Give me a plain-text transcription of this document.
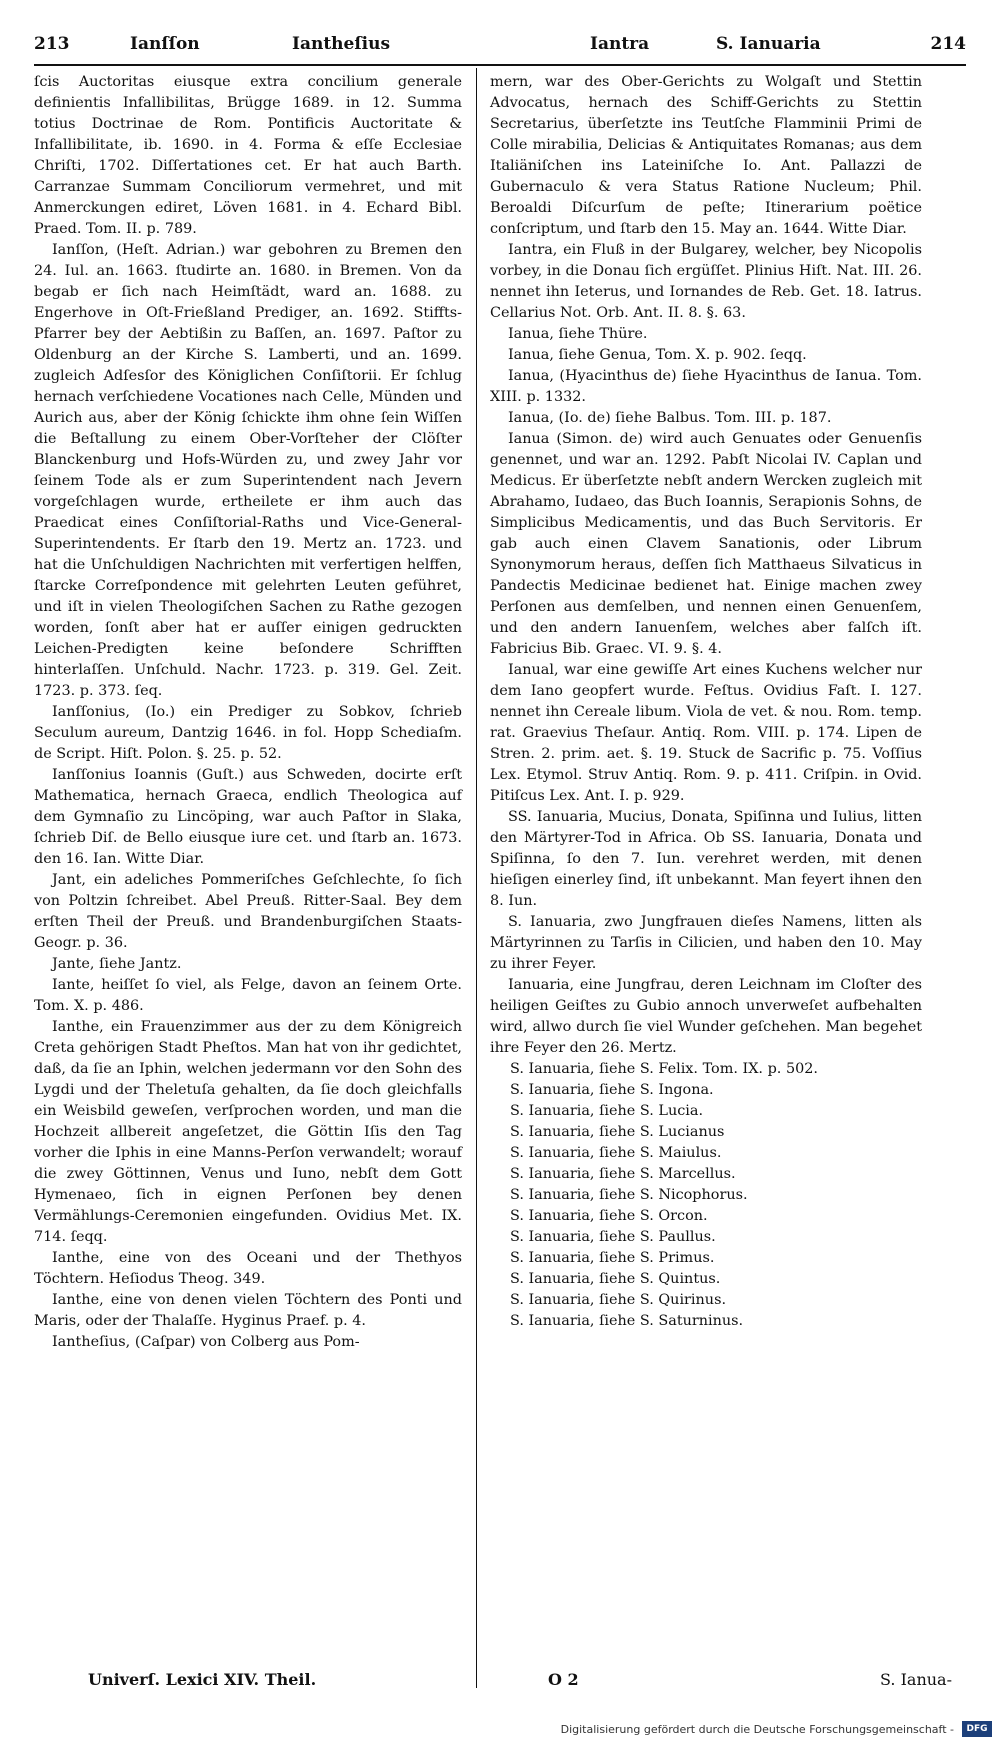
213	Ianſſon	Iantheſius	Iantra	S. Ianuaria	214

ſcis Auctoritas eiusque extra concilium generale definientis Infallibilitas, Brügge 1689. in 12. Summa totius Doctrinae de Rom. Pontificis Auctoritate & Infallibilitate, ib. 1690. in 4. Forma & eſſe Ecclesiae Chriſti, 1702. Diſſertationes cet. Er hat auch Barth. Carranzae Summam Conciliorum vermehret, und mit Anmerckungen ediret, Löven 1681. in 4. Echard Bibl. Praed. Tom. II. p. 789.

Ianſſon, (Heſt. Adrian.) war gebohren zu Bremen den 24. Iul. an. 1663. ſtudirte an. 1680. in Bremen. Von da begab er ſich nach Heimſtädt, ward an. 1688. zu Engerhove in Oſt-Frießland Prediger, an. 1692. Stiffts-Pfarrer bey der Aebtißin zu Baſſen, an. 1697. Paſtor zu Oldenburg an der Kirche S. Lamberti, und an. 1699. zugleich Adſesſor des Königlichen Conſiſtorii. Er ſchlug hernach verſchiedene Vocationes nach Celle, Münden und Aurich aus, aber der König ſchickte ihm ohne ſein Wiſſen die Beſtallung zu einem Ober-Vorſteher der Clöſter Blanckenburg und Hofs-Würden zu, und zwey Jahr vor ſeinem Tode als er zum Superintendent nach Jevern vorgeſchlagen wurde, ertheilete er ihm auch das Praedicat eines Conſiſtorial-Raths und Vice-General-Superintendents. Er ſtarb den 19. Mertz an. 1723. und hat die Unſchuldigen Nachrichten mit verfertigen helffen, ſtarcke Correſpondence mit gelehrten Leuten geführet, und iſt in vielen Theologiſchen Sachen zu Rathe gezogen worden, ſonſt aber hat er auſſer einigen gedruckten Leichen-Predigten keine beſondere Schrifften hinterlaſſen. Unſchuld. Nachr. 1723. p. 319. Gel. Zeit. 1723. p. 373. ſeq.

Ianſſonius, (Io.) ein Prediger zu Sobkov, ſchrieb Seculum aureum, Dantzig 1646. in fol. Hopp Schediaſm. de Script. Hiſt. Polon. §. 25. p. 52.

Ianſſonius Ioannis (Guſt.) aus Schweden, docirte erſt Mathematica, hernach Graeca, endlich Theologica auf dem Gymnaſio zu Lincöping, war auch Paſtor in Slaka, ſchrieb Diſ. de Bello eiusque iure cet. und ſtarb an. 1673. den 16. Ian. Witte Diar.

Jant, ein adeliches Pommeriſches Geſchlechte, ſo ſich von Poltzin ſchreibet. Abel Preuß. Ritter-Saal. Bey dem erſten Theil der Preuß. und Brandenburgiſchen Staats-Geogr. p. 36.

Jante, ſiehe Jantz.

Iante, heiſſet ſo viel, als Felge, davon an ſeinem Orte. Tom. X. p. 486.

Ianthe, ein Frauenzimmer aus der zu dem Königreich Creta gehörigen Stadt Pheſtos. Man hat von ihr gedichtet, daß, da ſie an Iphin, welchen jedermann vor den Sohn des Lygdi und der Theletuſa gehalten, da ſie doch gleichfalls ein Weisbild geweſen, verſprochen worden, und man die Hochzeit allbereit angeſetzet, die Göttin Iſis den Tag vorher die Iphis in eine Manns-Perſon verwandelt; worauf die zwey Göttinnen, Venus und Iuno, nebſt dem Gott Hymenaeo, ſich in eignen Perſonen bey denen Vermählungs-Ceremonien eingefunden. Ovidius Met. IX. 714. ſeqq.

Ianthe, eine von des Oceani und der Thethyos Töchtern. Heſiodus Theog. 349.

Ianthe, eine von denen vielen Töchtern des Ponti und Maris, oder der Thalaſſe. Hyginus Praef. p. 4.

Iantheſius, (Caſpar) von Colberg aus Pom-

mern, war des Ober-Gerichts zu Wolgaſt und Stettin Advocatus, hernach des Schiff-Gerichts zu Stettin Secretarius, überſetzte ins Teutſche Flamminii Primi de Colle mirabilia, Delicias & Antiquitates Romanas; aus dem Italiäniſchen ins Lateiniſche Io. Ant. Pallazzi de Gubernaculo & vera Status Ratione Nucleum; Phil. Beroaldi Diſcurſum de peſte; Itinerarium poëtice conſcriptum, und ſtarb den 15. May an. 1644. Witte Diar.

Iantra, ein Fluß in der Bulgarey, welcher, bey Nicopolis vorbey, in die Donau ſich ergüſſet. Plinius Hiſt. Nat. III. 26. nennet ihn Ieterus, und Iornandes de Reb. Get. 18. Iatrus. Cellarius Not. Orb. Ant. II. 8. §. 63.

Ianua, ſiehe Thüre.

Ianua, ſiehe Genua, Tom. X. p. 902. ſeqq.

Ianua, (Hyacinthus de) ſiehe Hyacinthus de Ianua. Tom. XIII. p. 1332.

Ianua, (Io. de) ſiehe Balbus. Tom. III. p. 187.

Ianua (Simon. de) wird auch Genuates oder Genuenſis genennet, und war an. 1292. Pabſt Nicolai IV. Caplan und Medicus. Er überſetzte nebſt andern Wercken zugleich mit Abrahamo, Iudaeo, das Buch Ioannis, Serapionis Sohns, de Simplicibus Medicamentis, und das Buch Servitoris. Er gab auch einen Clavem Sanationis, oder Librum Synonymorum heraus, deſſen ſich Matthaeus Silvaticus in Pandectis Medicinae bedienet hat. Einige machen zwey Perſonen aus demſelben, und nennen einen Genuenſem, und den andern Ianuenſem, welches aber falſch iſt. Fabricius Bib. Graec. VI. 9. §. 4.

Ianual, war eine gewiſſe Art eines Kuchens welcher nur dem Iano geopfert wurde. Feſtus. Ovidius Faſt. I. 127. nennet ihn Cereale libum. Viola de vet. & nou. Rom. temp. rat. Graevius Theſaur. Antiq. Rom. VIII. p. 174. Lipen de Stren. 2. prim. aet. §. 19. Stuck de Sacrific p. 75. Voſſius Lex. Etymol. Struv Antiq. Rom. 9. p. 411. Criſpin. in Ovid. Pitiſcus Lex. Ant. I. p. 929.

SS. Ianuaria, Mucius, Donata, Spiſinna und Iulius, litten den Märtyrer-Tod in Africa. Ob SS. Ianuaria, Donata und Spiſinna, ſo den 7. Iun. verehret werden, mit denen hieſigen einerley ſind, iſt unbekannt. Man feyert ihnen den 8. Iun.

S. Ianuaria, zwo Jungfrauen dieſes Namens, litten als Märtyrinnen zu Tarſis in Cilicien, und haben den 10. May zu ihrer Feyer.

Ianuaria, eine Jungfrau, deren Leichnam im Cloſter des heiligen Geiſtes zu Gubio annoch unverweſet aufbehalten wird, allwo durch ſie viel Wunder geſchehen. Man begehet ihre Feyer den 26. Mertz.

S. Ianuaria, ſiehe S. Felix. Tom. IX. p. 502.

S. Ianuaria, ſiehe S. Ingona.

S. Ianuaria, ſiehe S. Lucia.

S. Ianuaria, ſiehe S. Lucianus

S. Ianuaria, ſiehe S. Maiulus.

S. Ianuaria, ſiehe S. Marcellus.

S. Ianuaria, ſiehe S. Nicophorus.

S. Ianuaria, ſiehe S. Orcon.

S. Ianuaria, ſiehe S. Paullus.

S. Ianuaria, ſiehe S. Primus.

S. Ianuaria, ſiehe S. Quintus.

S. Ianuaria, ſiehe S. Quirinus.

S. Ianuaria, ſiehe S. Saturninus.

Univerſ. Lexici XIV. Theil.	O 2	S. Ianua-
Digitalisierung gefördert durch die Deutsche Forschungsgemeinschaft -	DFG
